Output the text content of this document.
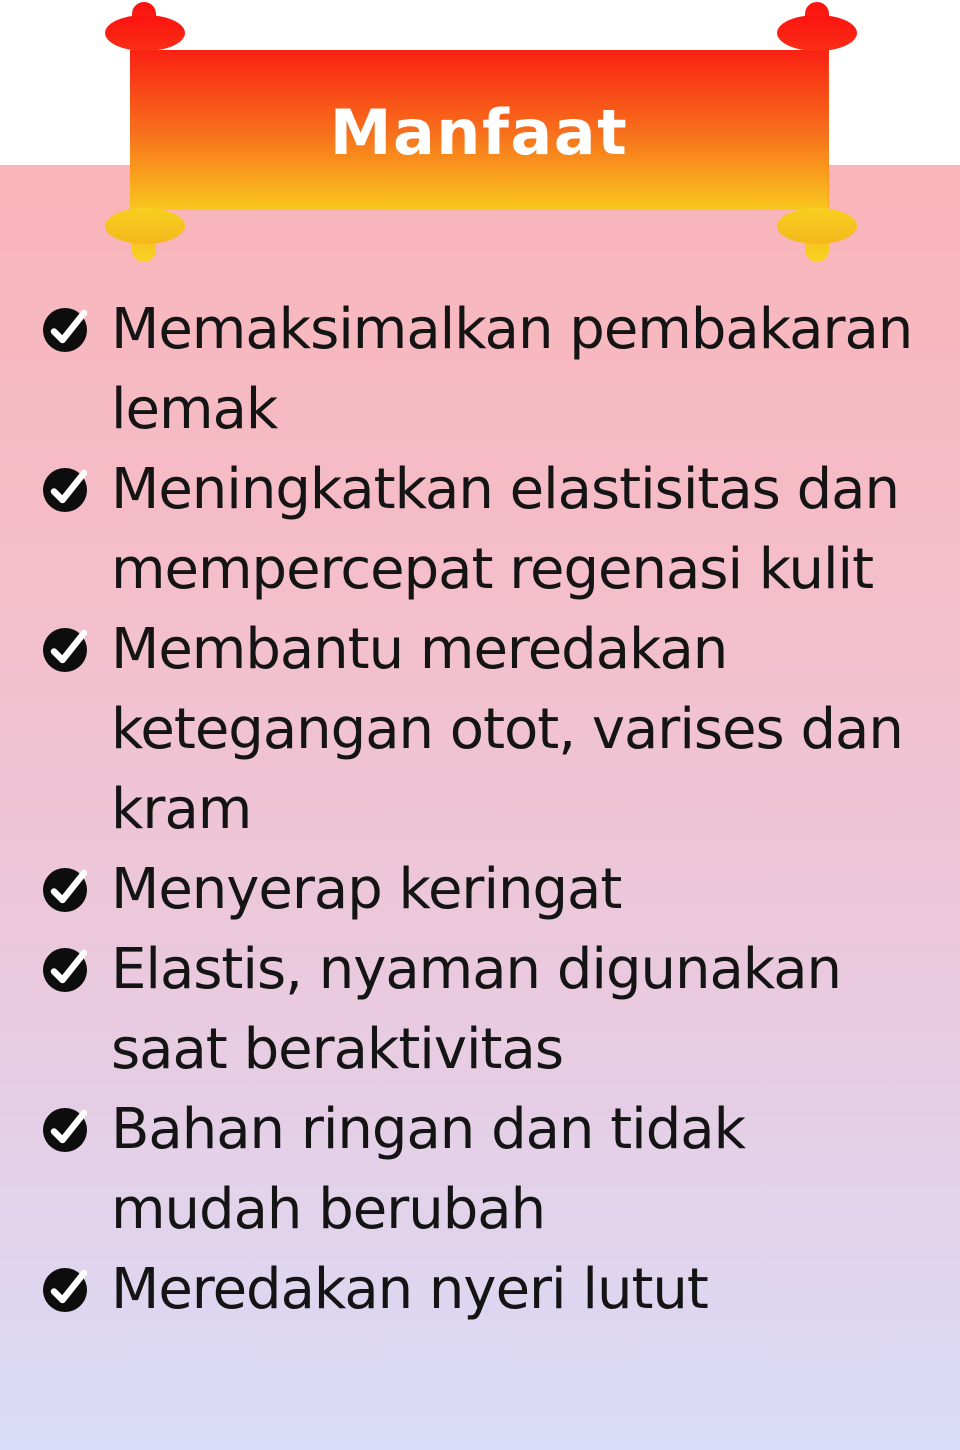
Manfaat
Memaksimalkan pembakaran
lemak
Meningkatkan elastisitas dan
mempercepat regenasi kulit
Membantu meredakan
ketegangan otot, varises dan
kram
Menyerap keringat
Elastis, nyaman digunakan
saat beraktivitas
Bahan ringan dan tidak
mudah berubah
Meredakan nyeri lutut
